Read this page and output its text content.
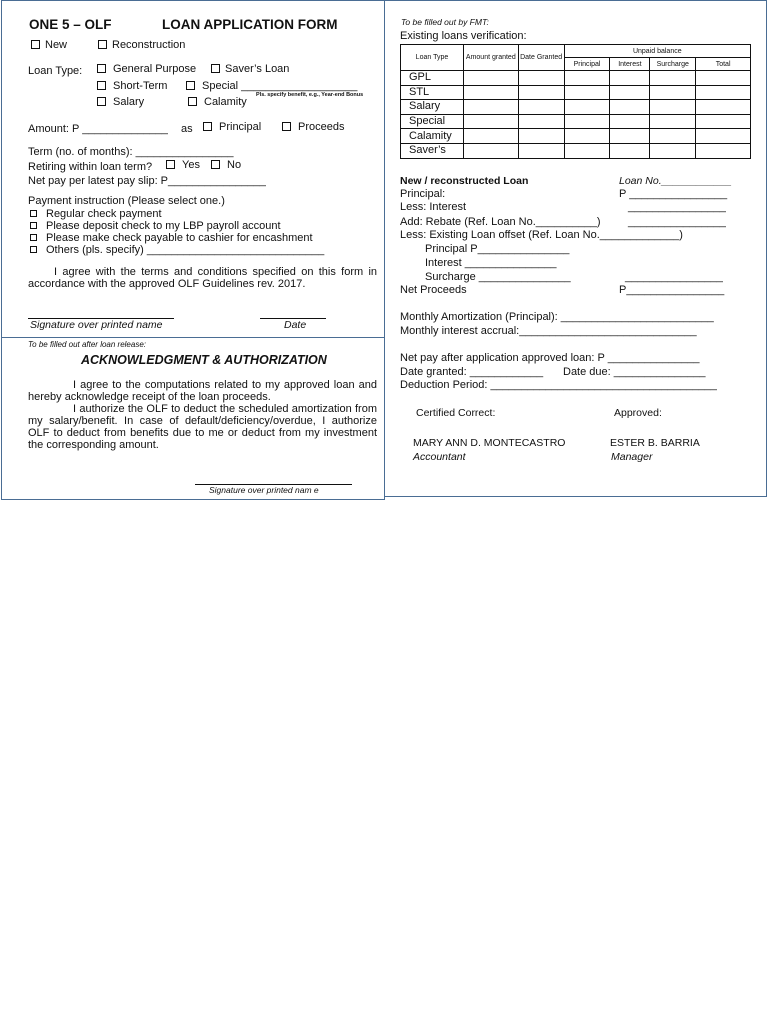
ONE 5 – OLF	LOAN APPLICATION FORM
New	Reconstruction
Loan Type:	General Purpose	Saver’s Loan
Short-Term	Special ___________________
Pls. specify benefit, e.g., Year-end Bonus
Salary	Calamity
Amount: P ______________ as	Principal	Proceeds
Term (no. of months): ________________
Retiring within loan term?	Yes	No
Net pay per latest pay slip: P________________
Payment instruction (Please select one.)
Regular check payment
Please deposit check to my LBP payroll account
Please make check payable to cashier for encashment
Others (pls. specify) _____________________________
I agree with the terms and conditions specified on this form in accordance with the approved OLF Guidelines rev. 2017.
Signature over printed name	Date
To be filled out after loan release:
ACKNOWLEDGMENT & AUTHORIZATION
I agree to the computations related to my approved loan and hereby acknowledge receipt of the loan proceeds.
I authorize the OLF to deduct the scheduled amortization from my salary/benefit. In case of default/deficiency/overdue, I authorize OLF to deduct from benefits due to me or deduct from my investment the corresponding amount.
Signature over printed nam e
To be filled out by FMT:
Existing loans verification:
Loan Type	Amount granted	Date Granted	Unpaid balance			
			Principal	Interest	Surcharge	Total
GPL						
STL						
Salary						
Special						
Calamity						
Saver’s						
New / reconstructed Loan	Loan No.____________
Principal:	P ________________
Less: Interest	________________
Add: Rebate (Ref. Loan No.__________) ________________
Less: Existing Loan offset (Ref. Loan No._____________)
Principal P_______________
Interest _______________
Surcharge _______________	________________
Net Proceeds	P________________
Monthly Amortization (Principal): _________________________
Monthly interest accrual:_____________________________
Net pay after application approved loan: P _______________
Date granted: ____________ Date due: _______________
Deduction Period: _____________________________________
Certified Correct:	Approved:
MARY ANN D. MONTECASTRO
Accountant
ESTER B. BARRIA
Manager
